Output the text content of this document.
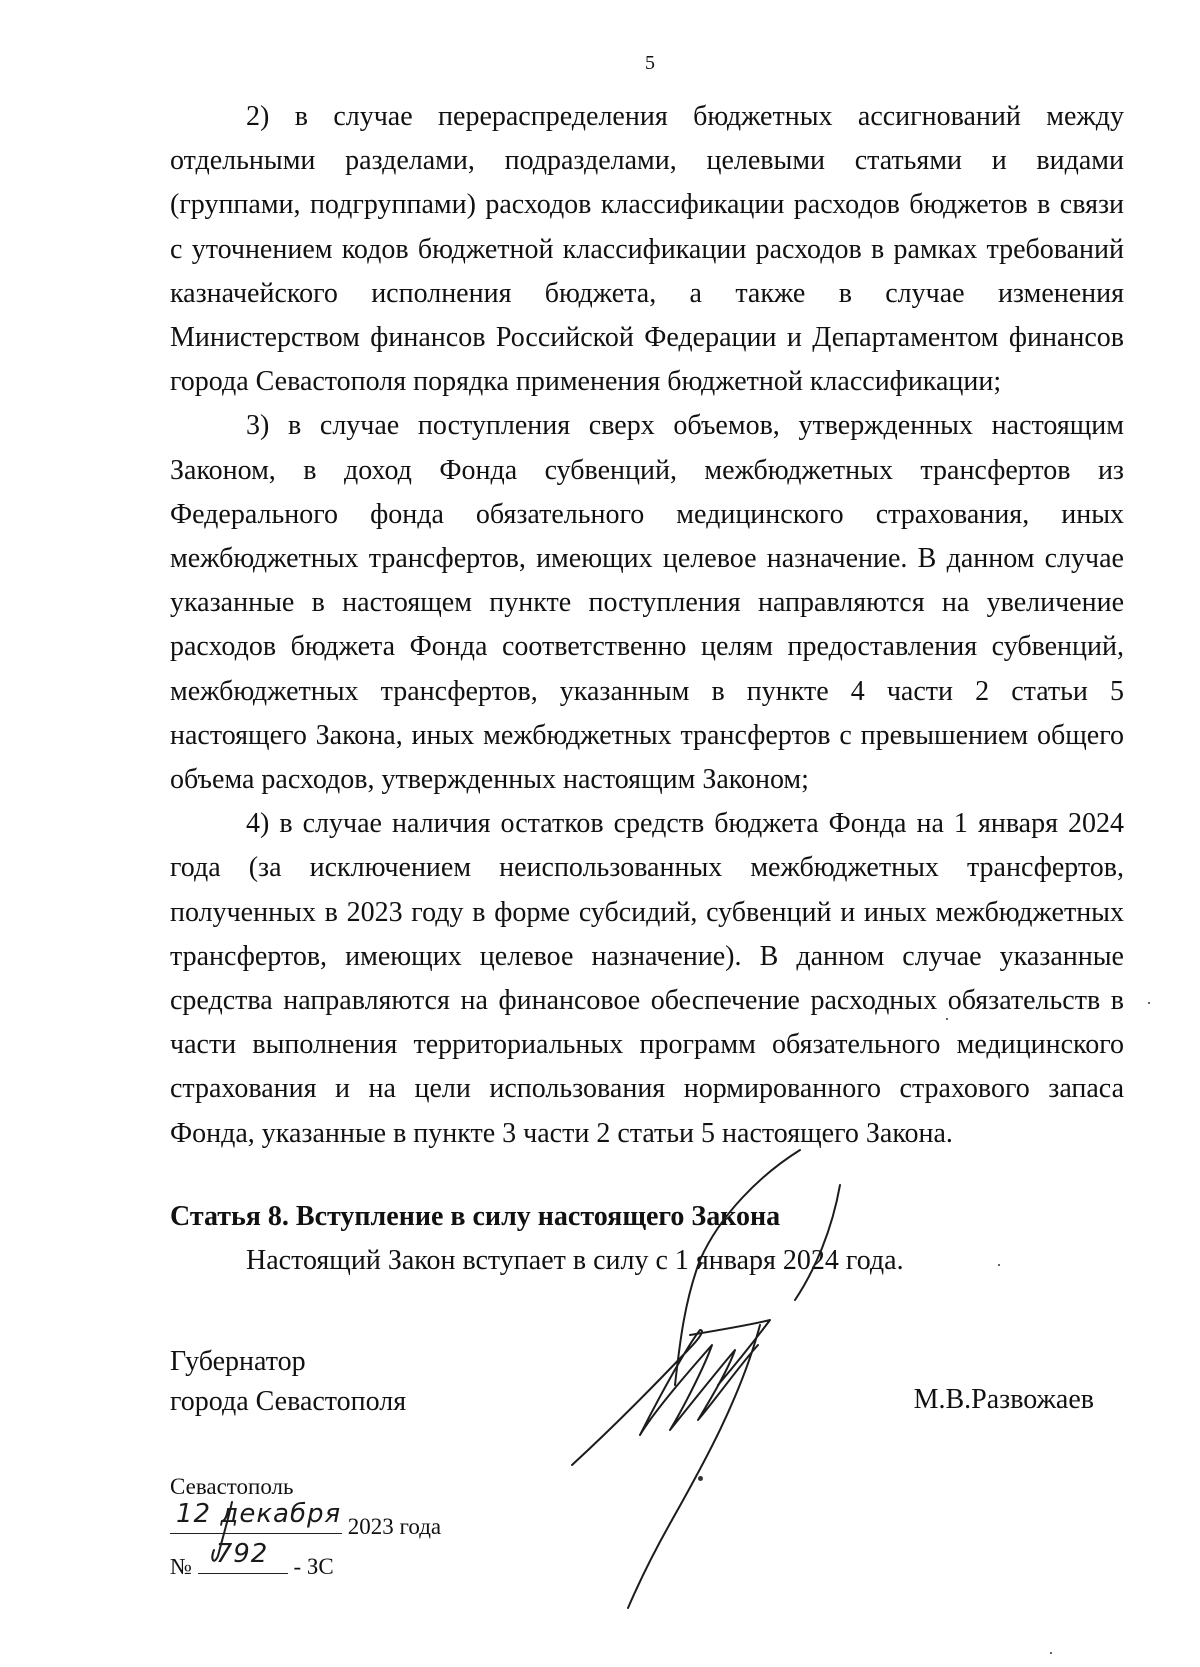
5

2) в случае перераспределения бюджетных ассигнований между отдельными разделами, подразделами, целевыми статьями и видами (группами, подгруппами) расходов классификации расходов бюджетов в связи с уточнением кодов бюджетной классификации расходов в рамках требований казначейского исполнения бюджета, а также в случае изменения Министерством финансов Российской Федерации и Департаментом финансов города Севастополя порядка применения бюджетной классификации;

3) в случае поступления сверх объемов, утвержденных настоящим Законом, в доход Фонда субвенций, межбюджетных трансфертов из Федерального фонда обязательного медицинского страхования, иных межбюджетных трансфертов, имеющих целевое назначение. В данном случае указанные в настоящем пункте поступления направляются на увеличение расходов бюджета Фонда соответственно целям предоставления субвенций, межбюджетных трансфертов, указанным в пункте 4 части 2 статьи 5 настоящего Закона, иных межбюджетных трансфертов с превышением общего объема расходов, утвержденных настоящим Законом;

4) в случае наличия остатков средств бюджета Фонда на 1 января 2024 года (за исключением неиспользованных межбюджетных трансфертов, полученных в 2023 году в форме субсидий, субвенций и иных межбюджетных трансфертов, имеющих целевое назначение). В данном случае указанные средства направляются на финансовое обеспечение расходных обязательств в части выполнения территориальных программ обязательного медицинского страхования и на цели использования нормированного страхового запаса Фонда, указанные в пункте 3 части 2 статьи 5 настоящего Закона.

Статья 8. Вступление в силу настоящего Закона

Настоящий Закон вступает в силу с 1 января 2024 года.

Губернатор
города Севастополя	М.В.Развожаев
Севастополь
12 декабря 2023 года
№ 792 - ЗС
